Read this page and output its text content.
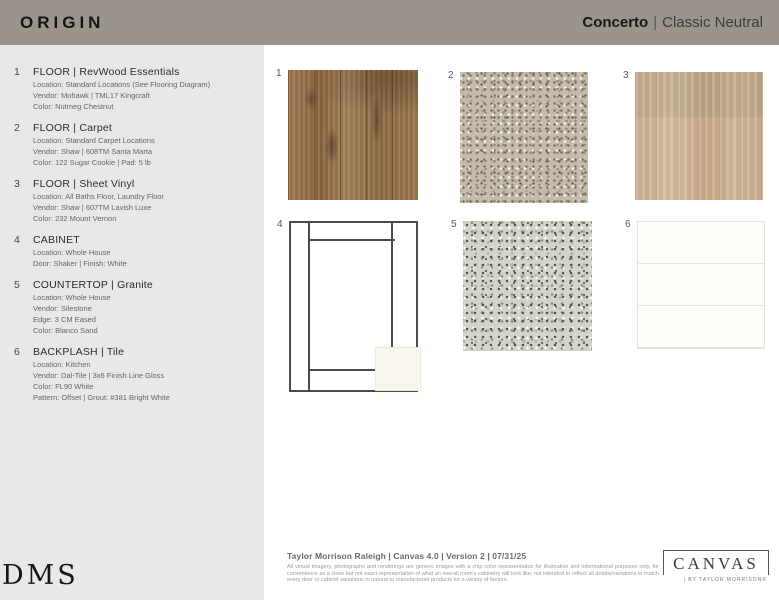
ORIGIN	Concerto | Classic Neutral
1	FLOOR | RevWood Essentials
Location: Standard Locations (See Flooring Diagram)
Vendor: Mohawk | TML17 Kingcraft
Color: Nutmeg Chestnut
2	FLOOR | Carpet
Location: Standard Carpet Locations
Vendor: Shaw | 608TM Santa Marta
Color: 122 Sugar Cookie | Pad: 5 lb
3	FLOOR | Sheet Vinyl
Location: All Baths Floor, Laundry Floor
Vendor: Shaw | 607TM Lavish Luxe
Color: 232 Mount Vernon
4	CABINET
Location: Whole House
Door: Shaker | Finish: White
5	COUNTERTOP | Granite
Location: Whole House
Vendor: Silestone
Edge: 3 CM Eased
Color: Blanco Sand
6	BACKPLASH | Tile
Location: Kitchen
Vendor: Dal-Tile | 3x6 Finish Line Gloss
Color: FL90 White
Pattern: Offset | Grout: #381 Bright White
DMS
1	2	3
4	5	6
Taylor Morrison Raleigh | Canvas 4.0 | Version 2 | 07/31/25
All virtual imagery, photographs and renderings are generic images with a chip color representation for illustrative and informational purposes only, for convenience as a close but not exact representation of what an overall room's cabinetry will look like; not intended to reflect all details/variations to match every door or cabinet variations in natural or manufactured products for a variety of factors.
CANVAS
| BY TAYLOR MORRISON®
